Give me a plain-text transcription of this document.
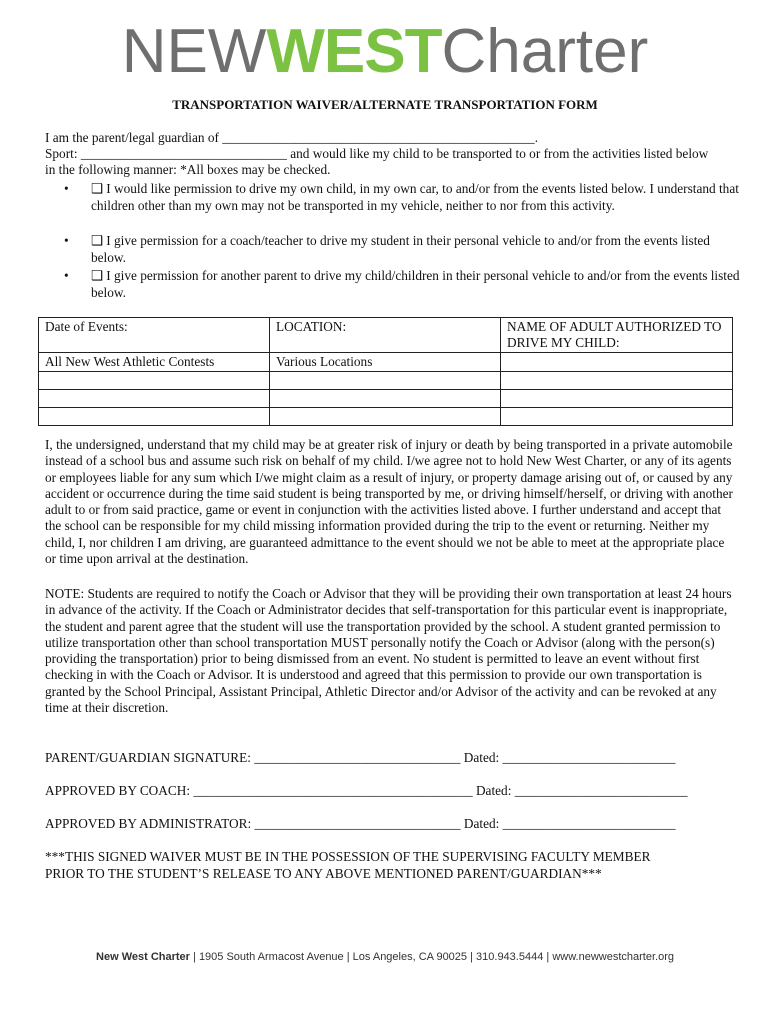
NEWWESTCharter
TRANSPORTATION WAIVER/ALTERNATE TRANSPORTATION FORM
I am the parent/legal guardian of _______________________________________________.
Sport: _______________________________ and would like my child to be transported to or from the activities listed below
in the following manner: *All boxes may be checked.
• ❑ I would like permission to drive my own child, in my own car, to and/or from the events listed below. I understand that children other than my own may not be transported in my vehicle, neither to nor from this activity.
• ❑ I give permission for a coach/teacher to drive my student in their personal vehicle to and/or from the events listed below.
• ❑ I give permission for another parent to drive my child/children in their personal vehicle to and/or from the events listed below.
Date of Events:	LOCATION:	NAME OF ADULT AUTHORIZED TO DRIVE MY CHILD:
All New West Athletic Contests	Various Locations	

I, the undersigned, understand that my child may be at greater risk of injury or death by being transported in a private automobile instead of a school bus and assume such risk on behalf of my child. I/we agree not to hold New West Charter, or any of its agents or employees liable for any sum which I/we might claim as a result of injury, or property damage arising out of, or caused by any accident or occurrence during the time said student is being transported by me, or driving himself/herself, or driving with another adult to or from said practice, game or event in conjunction with the activities listed above. I further understand and accept that the school can be responsible for my child missing information provided during the trip to the event or returning. Neither my child, I, nor children I am driving, are guaranteed admittance to the event should we not be able to meet at the appropriate place or time upon arrival at the destination.

NOTE: Students are required to notify the Coach or Advisor that they will be providing their own transportation at least 24 hours in advance of the activity. If the Coach or Administrator decides that self-transportation for this particular event is inappropriate, the student and parent agree that the student will use the transportation provided by the school. A student granted permission to utilize transportation other than school transportation MUST personally notify the Coach or Advisor (along with the person(s) providing the transportation) prior to being dismissed from an event. No student is permitted to leave an event without first checking in with the Coach or Advisor. It is understood and agreed that this permission to provide our own transportation is granted by the School Principal, Assistant Principal, Athletic Director and/or Advisor of the activity and can be revoked at any time at their discretion.

PARENT/GUARDIAN SIGNATURE: _______________________________ Dated: __________________________
APPROVED BY COACH: __________________________________________ Dated: __________________________
APPROVED BY ADMINISTRATOR: _______________________________ Dated: __________________________
***THIS SIGNED WAIVER MUST BE IN THE POSSESSION OF THE SUPERVISING FACULTY MEMBER
PRIOR TO THE STUDENT’S RELEASE TO ANY ABOVE MENTIONED PARENT/GUARDIAN***
New West Charter | 1905 South Armacost Avenue | Los Angeles, CA 90025 | 310.943.5444 | www.newwestcharter.org
